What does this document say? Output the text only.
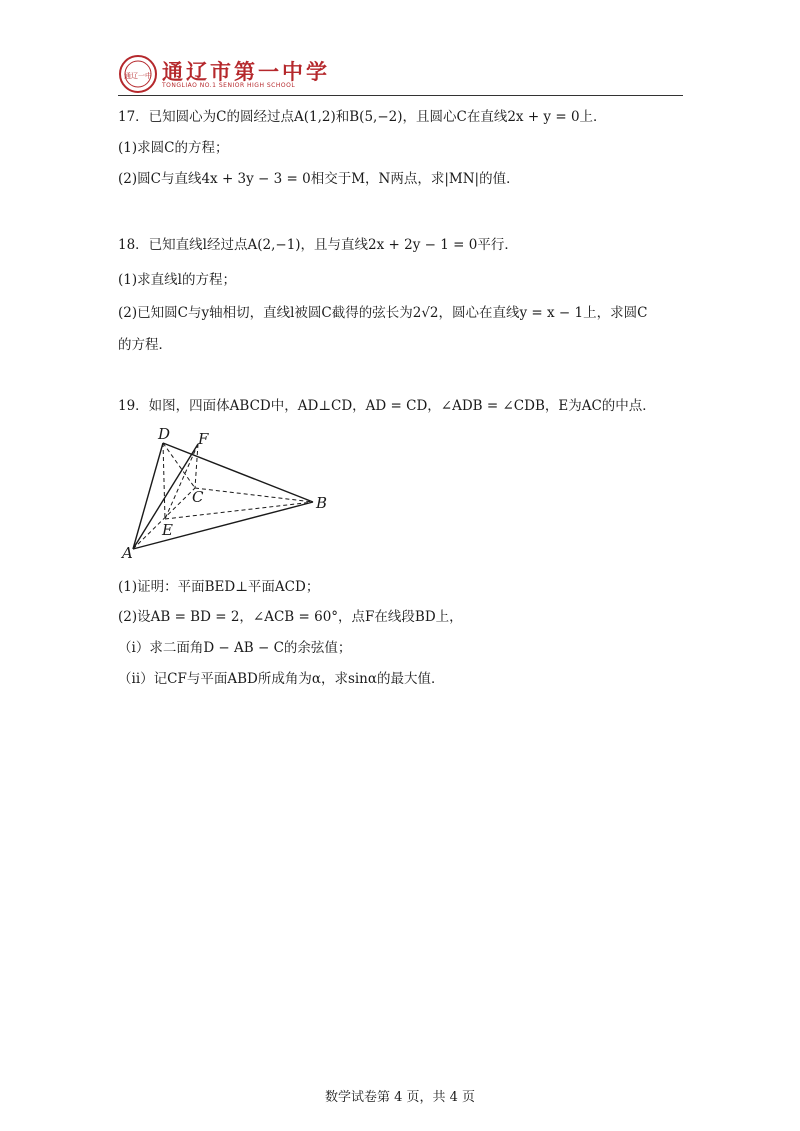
通辽一中 通辽市第一中学
TONGLIAO NO.1 SENIOR HIGH SCHOOL
17．已知圆心为C的圆经过点A(1,2)和B(5,−2)，且圆心C在直线2x + y = 0上．
(1)求圆C的方程；
(2)圆C与直线4x + 3y − 3 = 0相交于M，N两点，求|MN|的值．
18．已知直线l经过点A(2,−1)，且与直线2x + 2y − 1 = 0平行．
(1)求直线l的方程；
(2)已知圆C与y轴相切，直线l被圆C截得的弦长为2√2，圆心在直线y = x − 1上，求圆C
的方程．
19．如图，四面体ABCD中，AD⊥CD，AD = CD，∠ADB = ∠CDB，E为AC的中点．
D F
C	B
E
A
(1)证明：平面BED⊥平面ACD；
(2)设AB = BD = 2，∠ACB = 60°，点F在线段BD上，
（i）求二面角D − AB − C的余弦值；
（ii）记CF与平面ABD所成角为α，求sinα的最大值．
数学试卷第 4 页，共 4 页
